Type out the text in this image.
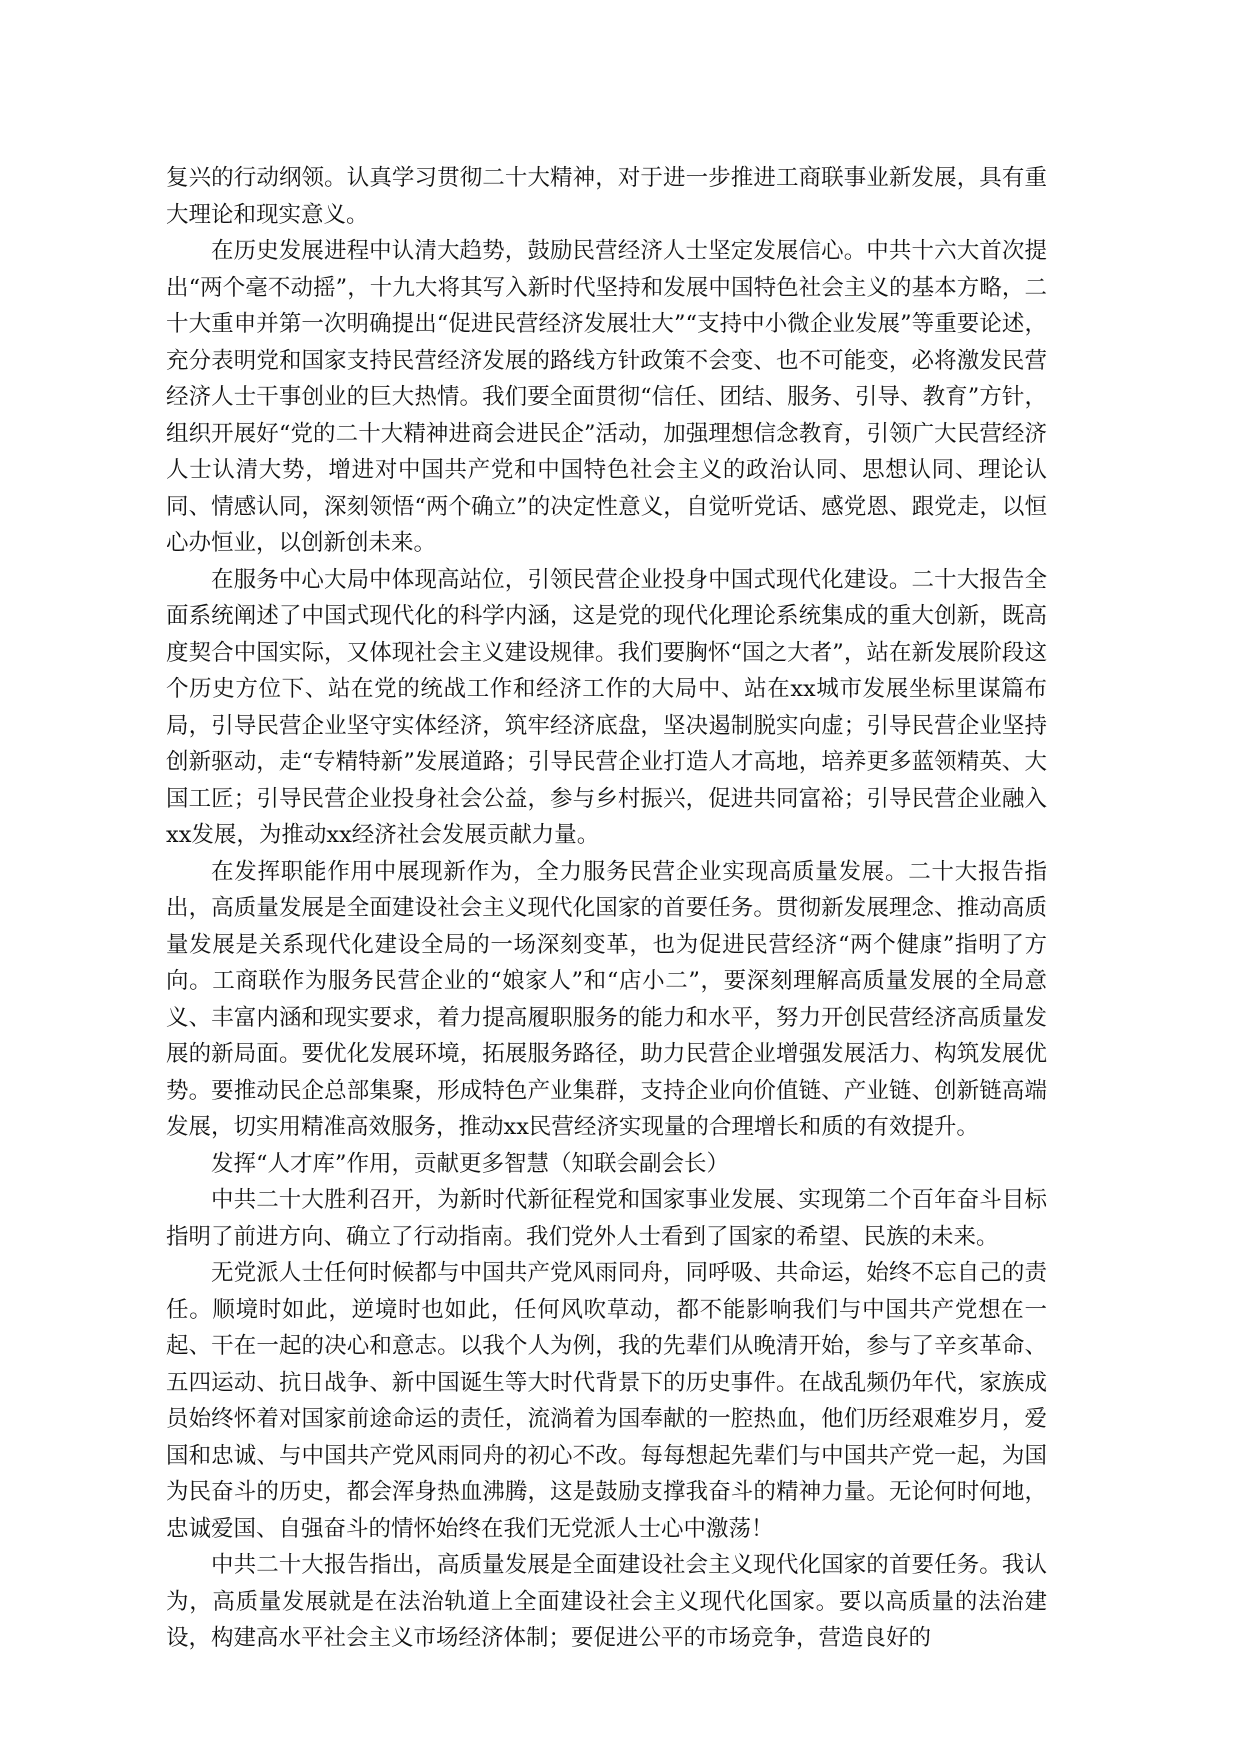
复兴的行动纲领。认真学习贯彻二十大精神，对于进一步推进工商联事业新发展，具有重大理论和现实意义。

在历史发展进程中认清大趋势，鼓励民营经济人士坚定发展信心。中共十六大首次提出“两个毫不动摇”，十九大将其写入新时代坚持和发展中国特色社会主义的基本方略，二十大重申并第一次明确提出“促进民营经济发展壮大”“支持中小微企业发展”等重要论述，充分表明党和国家支持民营经济发展的路线方针政策不会变、也不可能变，必将激发民营经济人士干事创业的巨大热情。我们要全面贯彻“信任、团结、服务、引导、教育”方针，组织开展好“党的二十大精神进商会进民企”活动，加强理想信念教育，引领广大民营经济人士认清大势，增进对中国共产党和中国特色社会主义的政治认同、思想认同、理论认同、情感认同，深刻领悟“两个确立”的决定性意义，自觉听党话、感党恩、跟党走，以恒心办恒业，以创新创未来。

在服务中心大局中体现高站位，引领民营企业投身中国式现代化建设。二十大报告全面系统阐述了中国式现代化的科学内涵，这是党的现代化理论系统集成的重大创新，既高度契合中国实际，又体现社会主义建设规律。我们要胸怀“国之大者”，站在新发展阶段这个历史方位下、站在党的统战工作和经济工作的大局中、站在xx城市发展坐标里谋篇布局，引导民营企业坚守实体经济，筑牢经济底盘，坚决遏制脱实向虚；引导民营企业坚持创新驱动，走“专精特新”发展道路；引导民营企业打造人才高地，培养更多蓝领精英、大国工匠；引导民营企业投身社会公益，参与乡村振兴，促进共同富裕；引导民营企业融入xx发展，为推动xx经济社会发展贡献力量。

在发挥职能作用中展现新作为，全力服务民营企业实现高质量发展。二十大报告指出，高质量发展是全面建设社会主义现代化国家的首要任务。贯彻新发展理念、推动高质量发展是关系现代化建设全局的一场深刻变革，也为促进民营经济“两个健康”指明了方向。工商联作为服务民营企业的“娘家人”和“店小二”，要深刻理解高质量发展的全局意义、丰富内涵和现实要求，着力提高履职服务的能力和水平，努力开创民营经济高质量发展的新局面。要优化发展环境，拓展服务路径，助力民营企业增强发展活力、构筑发展优势。要推动民企总部集聚，形成特色产业集群，支持企业向价值链、产业链、创新链高端发展，切实用精准高效服务，推动xx民营经济实现量的合理增长和质的有效提升。

发挥“人才库”作用，贡献更多智慧（知联会副会长）

中共二十大胜利召开，为新时代新征程党和国家事业发展、实现第二个百年奋斗目标指明了前进方向、确立了行动指南。我们党外人士看到了国家的希望、民族的未来。

无党派人士任何时候都与中国共产党风雨同舟，同呼吸、共命运，始终不忘自己的责任。顺境时如此，逆境时也如此，任何风吹草动，都不能影响我们与中国共产党想在一起、干在一起的决心和意志。以我个人为例，我的先辈们从晚清开始，参与了辛亥革命、五四运动、抗日战争、新中国诞生等大时代背景下的历史事件。在战乱频仍年代，家族成员始终怀着对国家前途命运的责任，流淌着为国奉献的一腔热血，他们历经艰难岁月，爱国和忠诚、与中国共产党风雨同舟的初心不改。每每想起先辈们与中国共产党一起，为国为民奋斗的历史，都会浑身热血沸腾，这是鼓励支撑我奋斗的精神力量。无论何时何地，忠诚爱国、自强奋斗的情怀始终在我们无党派人士心中激荡！

中共二十大报告指出，高质量发展是全面建设社会主义现代化国家的首要任务。我认为，高质量发展就是在法治轨道上全面建设社会主义现代化国家。要以高质量的法治建设，构建高水平社会主义市场经济体制；要促进公平的市场竞争，营造良好的
